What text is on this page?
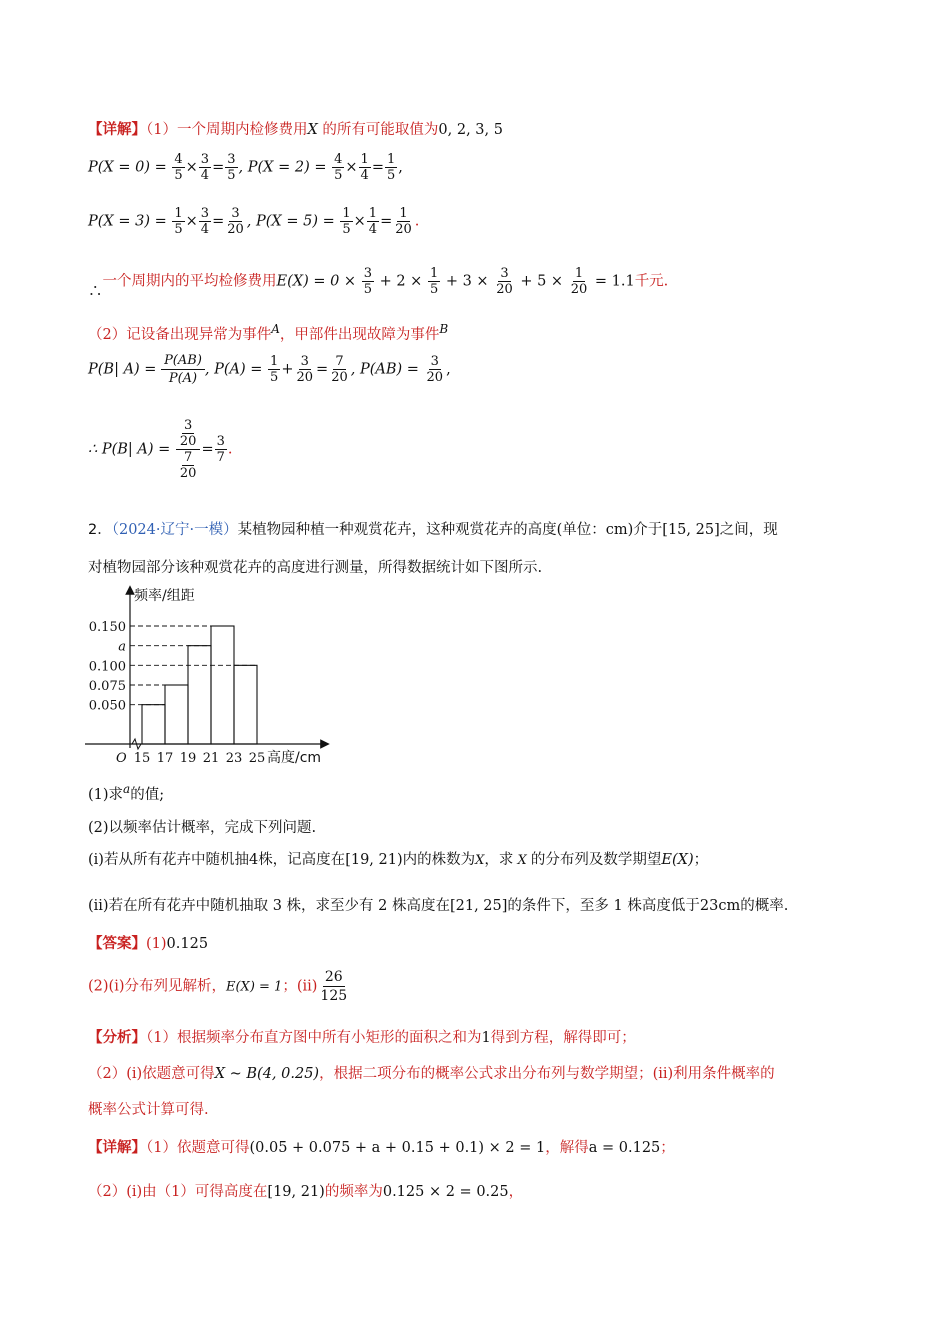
【详解】（1）一个周期内检修费用X 的所有可能取值为0, 2, 3, 5
$P(X = 0) = \frac{4}{5} \times \frac{3}{4} = \frac{3}{5}$ , $P(X = 2) = \frac{4}{5} \times \frac{1}{4} = \frac{1}{5}$ ,
$P(X = 3) = \frac{1}{5} \times \frac{3}{4} = \frac{3}{20}$ , $P(X = 5) = \frac{1}{5} \times \frac{1}{4} = \frac{1}{20}$ .
∴一个周期内的平均检修费用$E(X) = 0 \times \frac{3}{5} + 2 \times \frac{1}{5} + 3 \times \frac{3}{20} + 5 \times \frac{1}{20} = 1.1$千元.
（2）记设备出现异常为事件$^A$，甲部件出现故障为事件$^B$
P(B| $A) = \frac{P(AB)}{P(A)}$ , $P(A) = \frac{1}{5} + \frac{3}{20} = \frac{7}{20}$ , $P(AB) = \frac{3}{20}$ ,
∴ P(B| $A) = \frac{\frac{3}{20}}{\frac{7}{20}} = \frac{3}{7}$ .
2．（2024·辽宁·一模）某植物园种植一种观赏花卉，这种观赏花卉的高度(单位：cm)介于[15, 25]之间，现
对植物园部分该种观赏花卉的高度进行测量，所得数据统计如下图所示.
频率/组距
O
0.150
a
0.100
0.075
0.050
15 17 19 21 23 25 高度/cm
(1)求$^a$的值;
(2)以频率估计概率，完成下列问题.
(i)若从所有花卉中随机抽4株，记高度在[19, 21)内的株数为X，求 X 的分布列及数学期望E(X)；
(ii)若在所有花卉中随机抽取 3 株，求至少有 2 株高度在[21, 25]的条件下，至多 1 株高度低于23cm的概率.
【答案】(1)0.125
(2)(i)分布列见解析，E(X) = 1；$(ii) \frac{26}{125}$
【分析】（1）根据频率分布直方图中所有小矩形的面积之和为1得到方程，解得即可；
（2）(i)依题意可得X ~ B(4, 0.25)，根据二项分布的概率公式求出分布列与数学期望；(ii)利用条件概率的
概率公式计算可得.
【详解】（1）依题意可得(0.05 + 0.075 + a + 0.15 + 0.1) × 2 = 1，解得a = 0.125；
（2）(i)由（1）可得高度在[19, 21)的频率为0.125 × 2 = 0.25，
